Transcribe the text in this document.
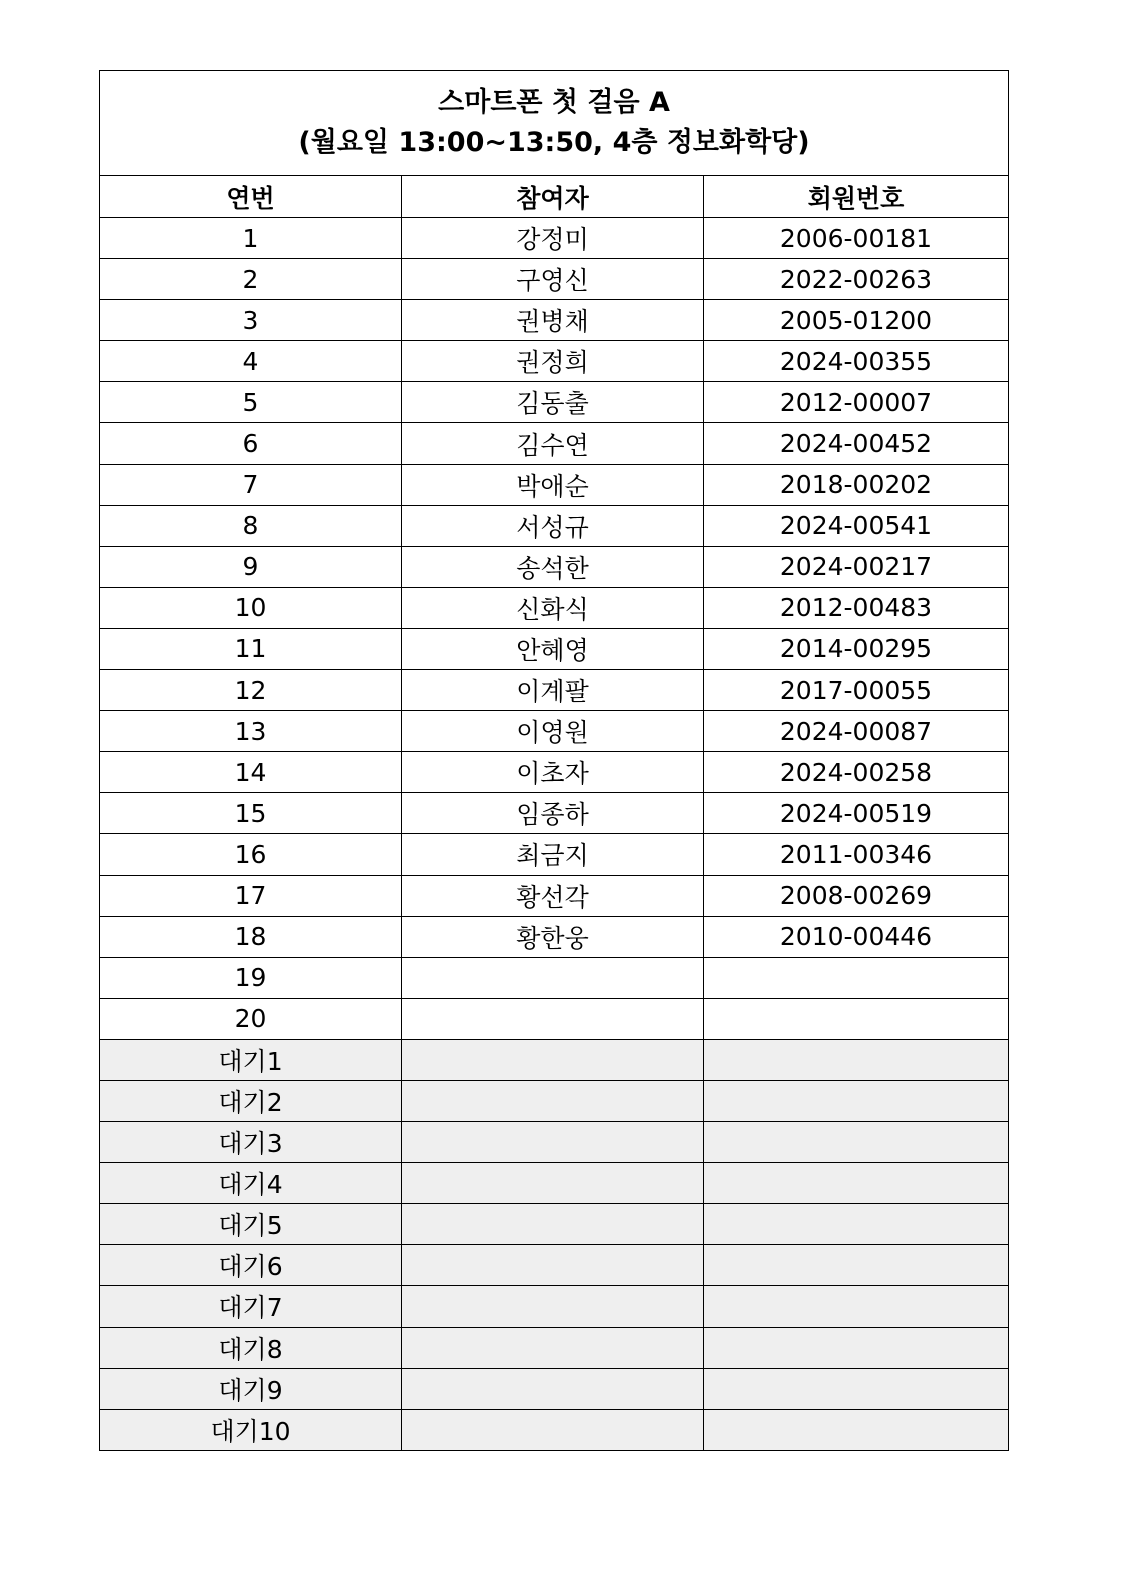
스마트폰 첫 걸음 A
(월요일 13:00~13:50, 4층 정보화학당)		

연번	참여자	회원번호
1	강정미	2006-00181
2	구영신	2022-00263
3	권병채	2005-01200
4	권정희	2024-00355
5	김동출	2012-00007
6	김수연	2024-00452
7	박애순	2018-00202
8	서성규	2024-00541
9	송석한	2024-00217
10	신화식	2012-00483
11	안혜영	2014-00295
12	이계팔	2017-00055
13	이영원	2024-00087
14	이초자	2024-00258
15	임종하	2024-00519
16	최금지	2011-00346
17	황선각	2008-00269
18	황한웅	2010-00446
19		
20		
대기1		
대기2		
대기3		
대기4		
대기5		
대기6		
대기7		
대기8		
대기9		
대기10		
